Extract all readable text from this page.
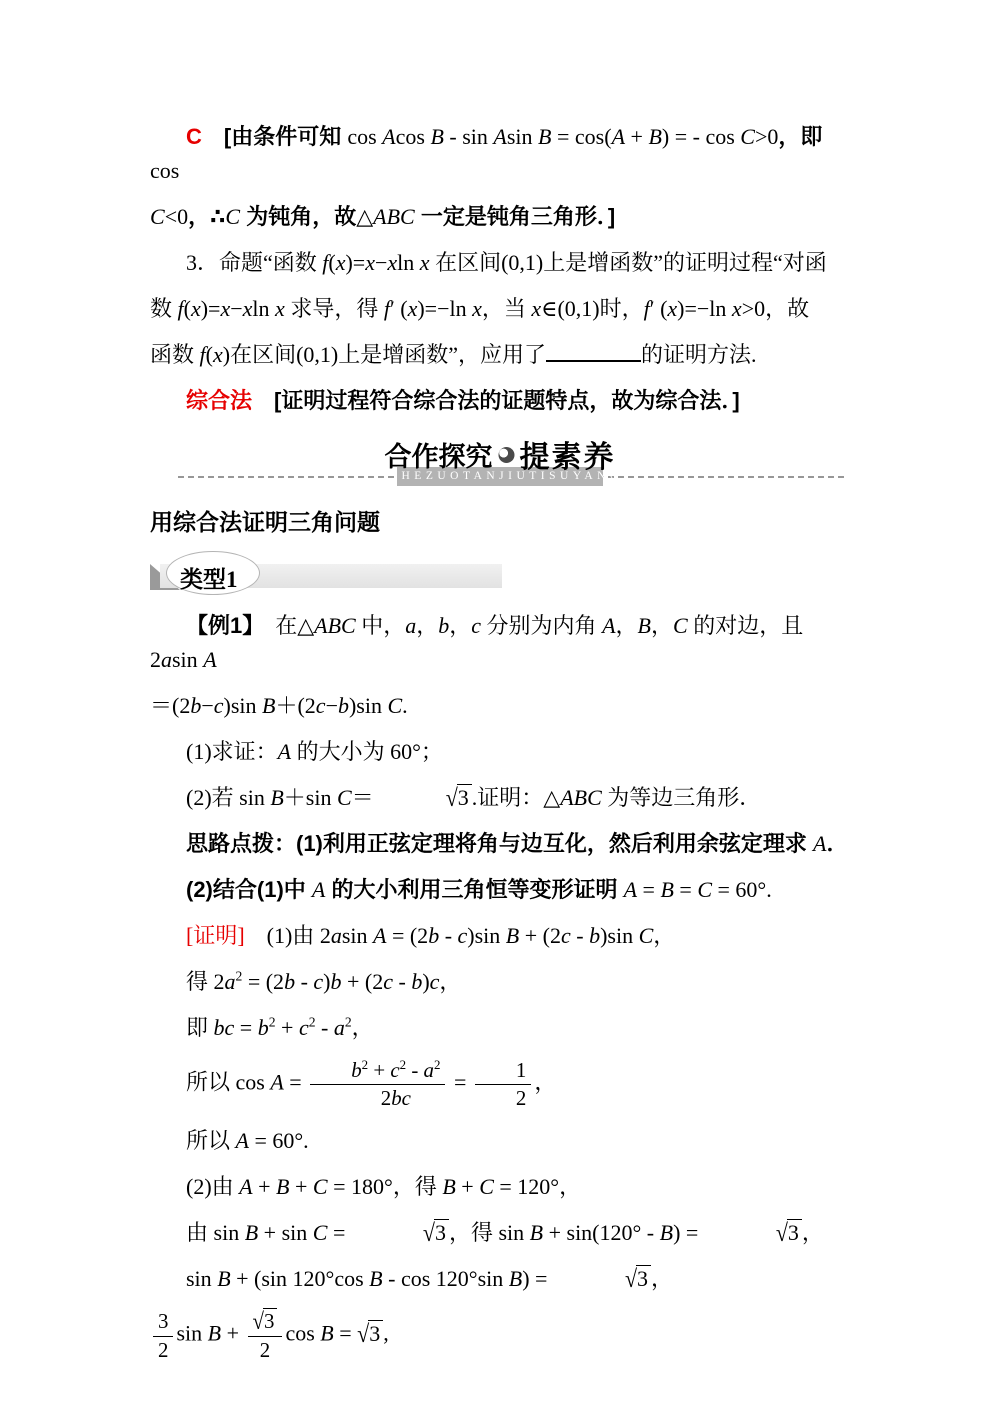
C　[由条件可知 cos Acos B - sin Asin B = cos(A + B) = - cos C>0，即 cos
C<0，∴C 为钝角，故△ABC 一定是钝角三角形．]
3．命题“函数 f(x)=x−xln x 在区间(0,1)上是增函数”的证明过程“对函
数 f(x)=x−xln x 求导，得 f′ (x)=−ln x，当 x∈(0,1)时，f′ (x)=−ln x>0，故
函数 f(x)在区间(0,1)上是增函数”，应用了	的证明方法.
综合法　[证明过程符合综合法的证题特点，故为综合法．]
HEZUOTANJIUTISUYANG
合作探究 提素养
用综合法证明三角问题
类型1
【例1】　在△ABC 中，a，b，c 分别为内角 A，B，C 的对边，且 2asin A
＝(2b−c)sin B＋(2c−b)sin C.
(1)求证：A 的大小为 60°；
(2)若 sin B＋sin C＝	√3 .证明：△ABC 为等边三角形．
思路点拨：(1)利用正弦定理将角与边互化，然后利用余弦定理求 A．
(2)结合(1)中 A 的大小利用三角恒等变形证明 A = B = C = 60°.
[证明]　(1)由 2asin A = (2b - c)sin B + (2c - b)sin C，
得 $2a^2 = (2b - c)b + (2c - b)c$，
即 bc = $b^2 + c^2 - a^2$，
所以 $\cos A = \frac{b^2 + c^2 - a^2}{2bc} = \frac{1}{2}$ ，
所以 A = 60°.
(2)由 A + B + C = 180°，得 B + C = 120°，
由 sin B + sin C =	√3 ，得 sin B + sin(120° - B) =	√3 ，
sin B + (sin 120°cos B - cos 120°sin B) =	√3 ，
$\frac{3}{2}$ $\sin B + \frac{√3}{2}$ cos B = √3 ,
